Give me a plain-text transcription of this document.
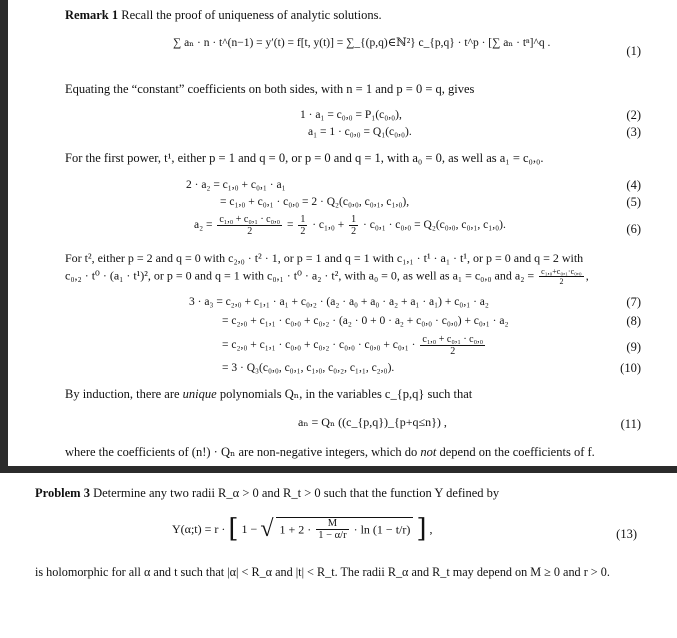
Remark 1 Recall the proof of uniqueness of analytic solutions.
∑ aₙ · n · t^(n−1) = y′(t) = f[t, y(t)] = ∑_{(p,q)∈ℕ²} c_{p,q} · t^p · [∑ aₙ · tⁿ]^q .
(1)
Equating the “constant” coefficients on both sides, with n = 1 and p = 0 = q, gives
1 · a₁ = c₀,₀ = P₁(c₀,₀),	(2)
a₁ = 1 · c₀,₀ = Q₁(c₀,₀).	(3)
For the first power, t¹, either p = 1 and q = 0, or p = 0 and q = 1, with a₀ = 0, as well as a₁ = c₀,₀.
2 · a₂ = c₁,₀ + c₀,₁ · a₁	(4)
= c₁,₀ + c₀,₁ · c₀,₀ = 2 · Q₂(c₀,₀, c₀,₁, c₁,₀),	(5)
$a_2 = \frac{\text{c₁,₀ + c₀,₁ · c₀,₀}}{2} = \frac{1}{2} \cdot c_1,_0 + \frac{1}{2} \cdot c_0,_1 \cdot c_0,_0 = Q_2(c_0,_0$, c₀,₁, c₁,₀).	(6)
For t², either p = 2 and q = 0 with c₂,₀ · t² · 1, or p = 1 and q = 1 with c₁,₁ · t¹ · a₁ · t¹, or p = 0 and q = 2 with
c₀,₂ · t⁰ · (a₁ · t¹)², or p = 0 and q = 1 with c₀,₁ · t⁰ · a₂ · t², with a₀ = 0, as well as a₁ = c₀,₀ and $a_2 = \frac{\text{c₁,₀+c₀,₁·c₀,₀}}{2}$ ,
3 · a₃ = c₂,₀ + c₁,₁ · a₁ + c₀,₂ · (a₂ · a₀ + a₀ · a₂ + a₁ · a₁) + c₀,₁ · a₂	(7)
= c₂,₀ + c₁,₁ · c₀,₀ + c₀,₂ · (a₂ · 0 + 0 · a₂ + c₀,₀ · c₀,₀) + c₀,₁ · a₂	(8)
= $c_2,_0 + c_1,_1 \cdot c_0,_0 + c_0,_2 \cdot c_0,_0 \cdot c_0,_0 + c_0,_1 \cdot \frac{\text{c₁,₀ + c₀,₁ · c₀,₀}}{2}$	(9)
= 3 · Q₃(c₀,₀, c₀,₁, c₁,₀, c₀,₂, c₁,₁, c₂,₀).	(10)
By induction, there are unique polynomials Qₙ, in the variables c_{p,q} such that
aₙ = Qₙ ((c_{p,q})_{p+q≤n}) ,	(11)
where the coefficients of (n!) · Qₙ are non-negative integers, which do not depend on the coefficients of f.
Problem 3 Determine any two radii R_α > 0 and R_t > 0 such that the function Y defined by
Y(α;t) = r · [ 1 − √ $1 + 2 \cdot \frac{M}{1 - \alpha/r} \cdot \ln (1 - t/r)$ ] ,	(13)
is holomorphic for all α and t such that |α| < R_α and |t| < R_t. The radii R_α and R_t may depend on M ≥ 0 and r > 0.
